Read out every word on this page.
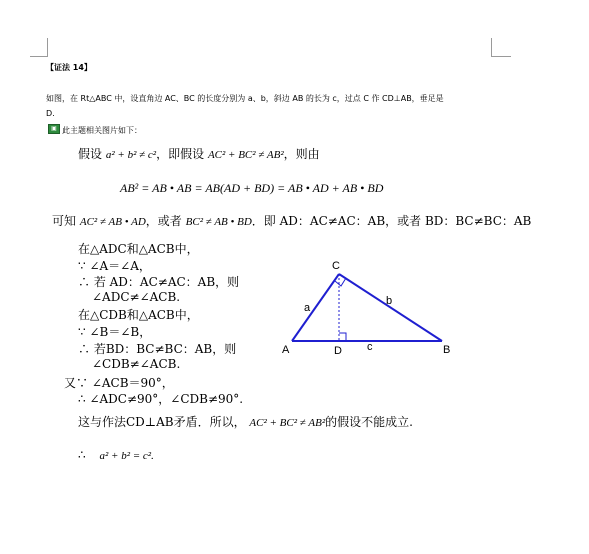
【证法 14】
如图，在 Rt△ABC 中，设直角边 AC、BC 的长度分别为 a、b，斜边 AB 的长为 c，过点 C 作 CD⊥AB，垂足是
D.
▣ 此主题相关图片如下：
假设 a² + b² ≠ c²，即假设 AC² + BC² ≠ AB²，则由
AB² = AB • AB = AB(AD + BD) = AB • AD + AB • BD
可知 AC² ≠ AB • AD，或者 BC² ≠ AB • BD．即 AD：AC≠AC：AB，或者 BD：BC≠BC：AB
在△ADC和△ACB中，
∵ ∠A＝∠A，
∴ 若 AD：AC≠AC：AB，则
∠ADC≠∠ACB.
在△CDB和△ACB中，
∵ ∠B＝∠B，
∴ 若BD：BC≠BC：AB，则
∠CDB≠∠ACB.
又∵ ∠ACB＝90°，
∴ ∠ADC≠90°，∠CDB≠90°.
这与作法CD⊥AB矛盾．所以， AC² + BC² ≠ AB²的假设不能成立.
∴ a² + b² = c².
C
A	D	B
a
b
c
